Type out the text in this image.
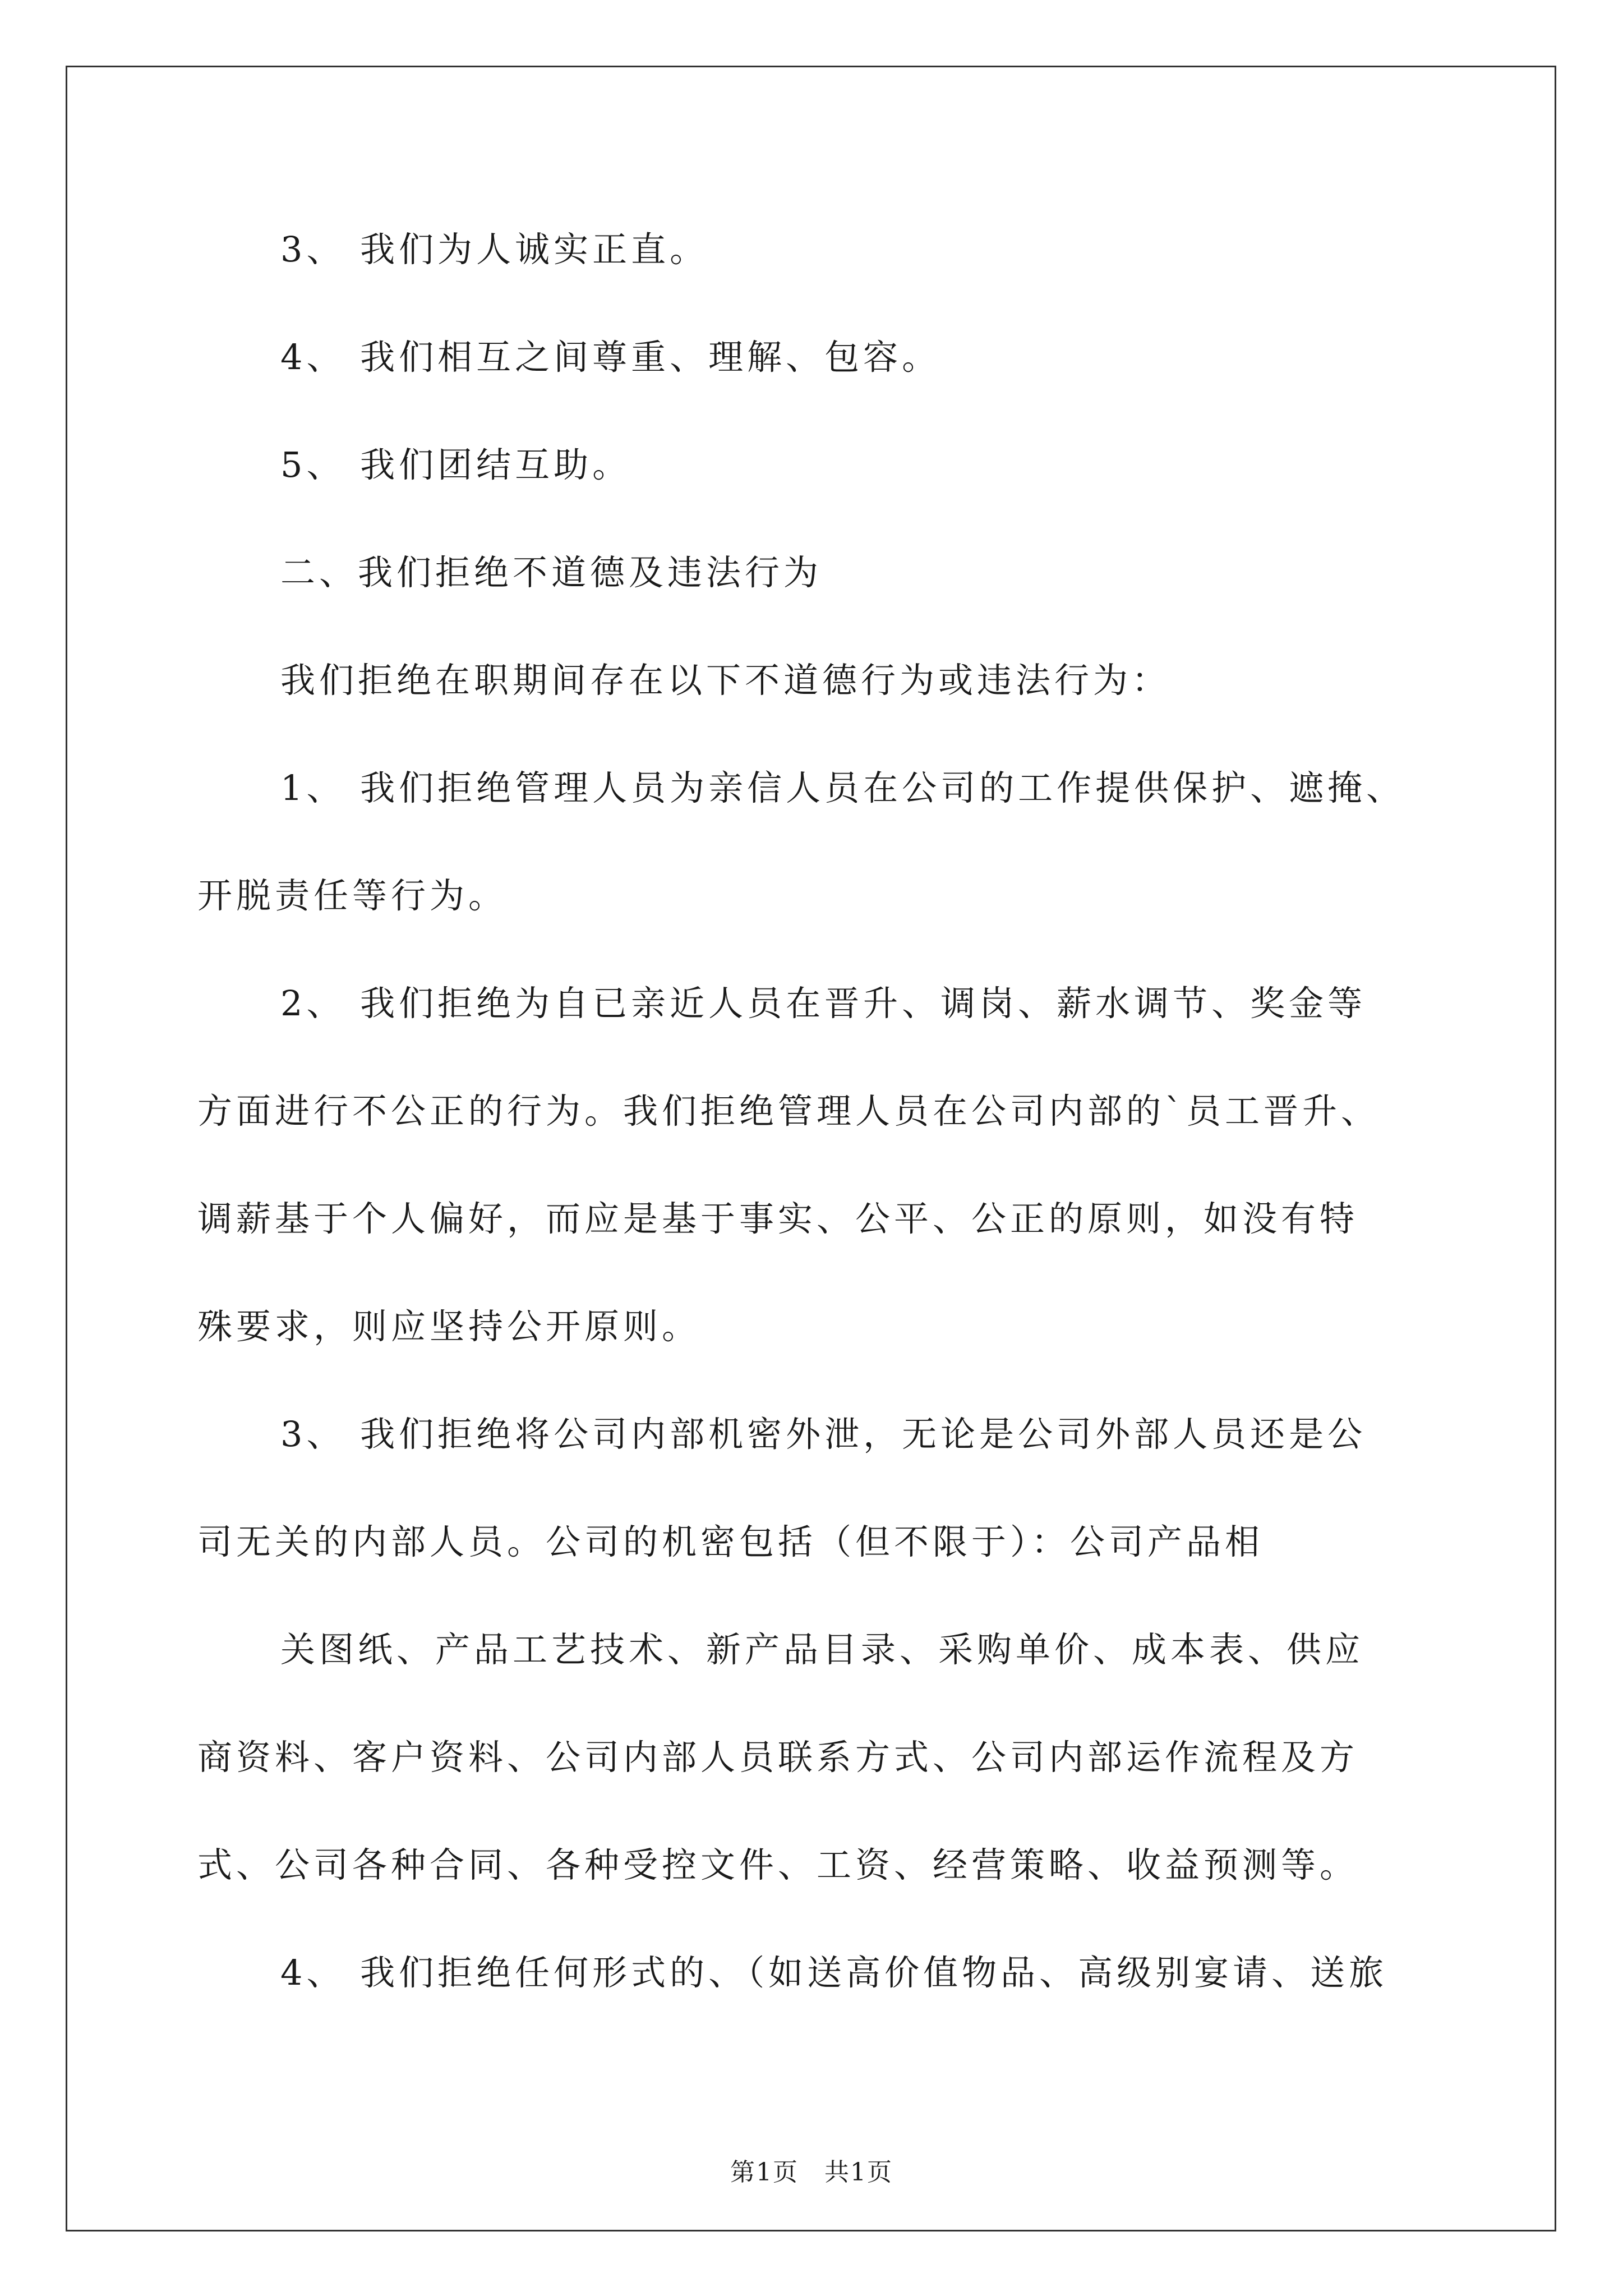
3、 我们为人诚实正直。
4、 我们相互之间尊重、理解、包容。
5、 我们团结互助。
二、我们拒绝不道德及违法行为
我们拒绝在职期间存在以下不道德行为或违法行为：
1、 我们拒绝管理人员为亲信人员在公司的工作提供保护、遮掩、
开脱责任等行为。
2、 我们拒绝为自已亲近人员在晋升、调岗、薪水调节、奖金等
方面进行不公正的行为。我们拒绝管理人员在公司内部的`员工晋升、
调薪基于个人偏好，而应是基于事实、公平、公正的原则，如没有特
殊要求，则应坚持公开原则。
3、 我们拒绝将公司内部机密外泄，无论是公司外部人员还是公
司无关的内部人员。公司的机密包括（但不限于）：公司产品相
关图纸、产品工艺技术、新产品目录、采购单价、成本表、供应
商资料、客户资料、公司内部人员联系方式、公司内部运作流程及方
式、公司各种合同、各种受控文件、工资、经营策略、收益预测等。
4、 我们拒绝任何形式的、（如送高价值物品、高级别宴请、送旅
第1页　共1页
